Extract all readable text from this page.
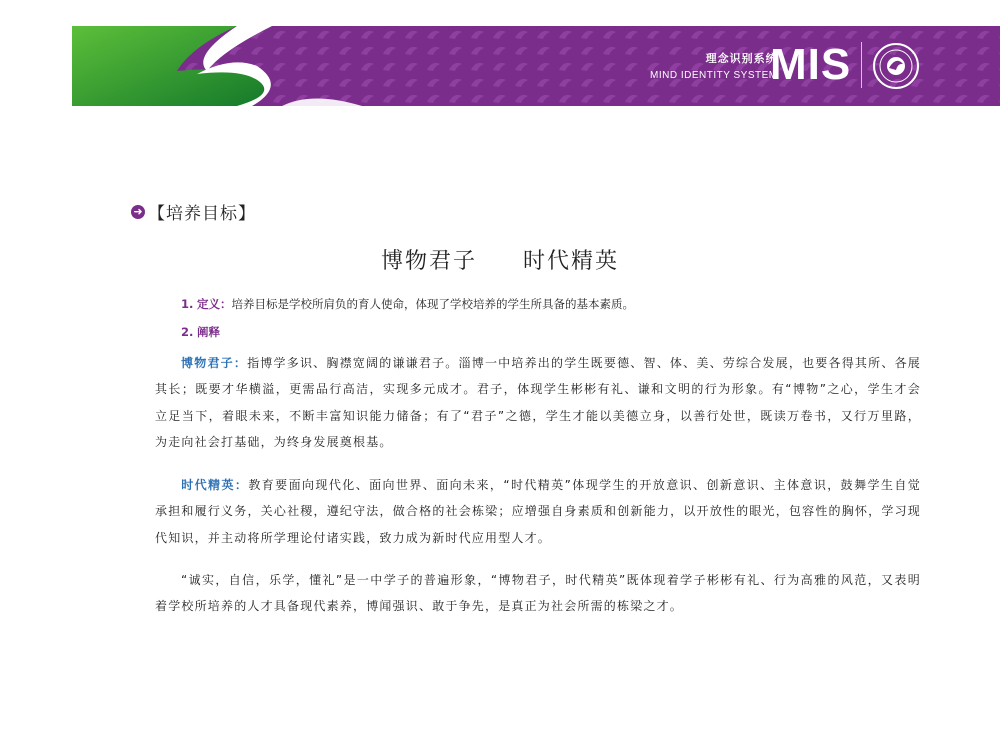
理念识别系统
MIND IDENTITY SYSTEM
MIS
➜ 【培养目标】
博物君子 时代精英
1. 定义：培养目标是学校所肩负的育人使命，体现了学校培养的学生所具备的基本素质。
2. 阐释
博物君子：指博学多识、胸襟宽阔的谦谦君子。淄博一中培养出的学生既要德、智、体、美、劳综合发展，也要各得其所、各展其长；既要才华横溢，更需品行高洁，实现多元成才。君子，体现学生彬彬有礼、谦和文明的行为形象。有“博物”之心，学生才会立足当下，着眼未来，不断丰富知识能力储备；有了“君子”之德，学生才能以美德立身，以善行处世，既读万卷书，又行万里路，为走向社会打基础，为终身发展奠根基。
时代精英：教育要面向现代化、面向世界、面向未来，“时代精英”体现学生的开放意识、创新意识、主体意识，鼓舞学生自觉承担和履行义务，关心社稷，遵纪守法，做合格的社会栋梁；应增强自身素质和创新能力，以开放性的眼光，包容性的胸怀，学习现代知识，并主动将所学理论付诸实践，致力成为新时代应用型人才。
“诚实，自信，乐学，懂礼”是一中学子的普遍形象，“博物君子，时代精英”既体现着学子彬彬有礼、行为高雅的风范，又表明着学校所培养的人才具备现代素养，博闻强识、敢于争先，是真正为社会所需的栋梁之才。
